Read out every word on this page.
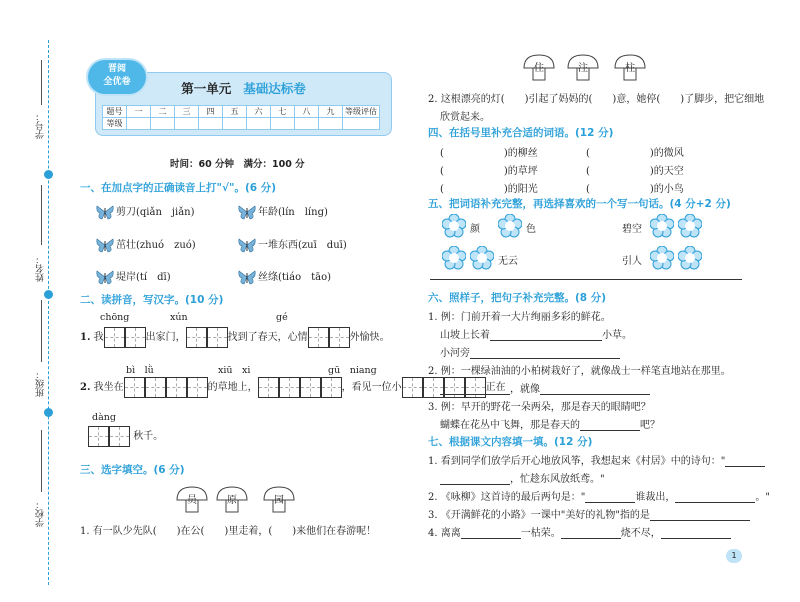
学号：
姓名：
班级：
学校：
第一单元 基础达标卷
题号	一	二	三	四	五	六	七	八	九	等级评估
等级										
晋阅
全优卷
时间：60 分钟　满分：100 分
一、在加点字的正确读音上打"√"。(6 分)
剪刀(qiǎn　jiǎn)	年龄(lín　líng)
茁壮(zhuó　zuó)	一堆东西(zuī　duī)
堤岸(tí　dī)	丝绦(tiáo　tāo)
二、读拼音，写汉字。(10 分)
chōng	xún	gé
1. 我	出家门，	找到了春天，心情	外愉快。
bì　lǜ	xiū　xi	gū　niang
2. 我坐在	的草地上，	，看见一位小	正在
dàng
秋千。
三、选字填空。(6 分)
员	原	园
1. 有一队少先队(　　)在公(　　)里走着，(　　)来他们在春游呢！
住	注	柱
2. 这根漂亮的灯(　　)引起了妈妈的(　　)意，她停(　　)了脚步，把它细地
欣赏起来。
四、在括号里补充合适的词语。(12 分)
(　　　　　　)的柳丝	(　　　　　　)的微风
(　　　　　　)的草坪	(　　　　　　)的天空
(　　　　　　)的阳光	(　　　　　　)的小鸟
五、把词语补充完整，再选择喜欢的一个写一句话。(4 分+2 分)
颜	色
无云
碧空
引人
六、照样子，把句子补充完整。(8 分)
1. 例：门前开着一大片绚丽多彩的鲜花。
山坡上长着	小草。
小河旁
2. 例：一棵绿油油的小柏树栽好了，就像战士一样笔直地站在那里。
，就像
3. 例：早开的野花一朵两朵，那是春天的眼睛吧？
蝴蝶在花丛中飞舞，那是春天的	吧？
七、根据课文内容填一填。(12 分)
1. 看到同学们放学后开心地放风筝，我想起来《村居》中的诗句："
，忙趁东风放纸鸢。"
2. 《咏柳》这首诗的最后两句是："	谁裁出，	。"
3. 《开满鲜花的小路》一课中"美好的礼物"指的是
4. 离离	一枯荣。	烧不尽，
1
